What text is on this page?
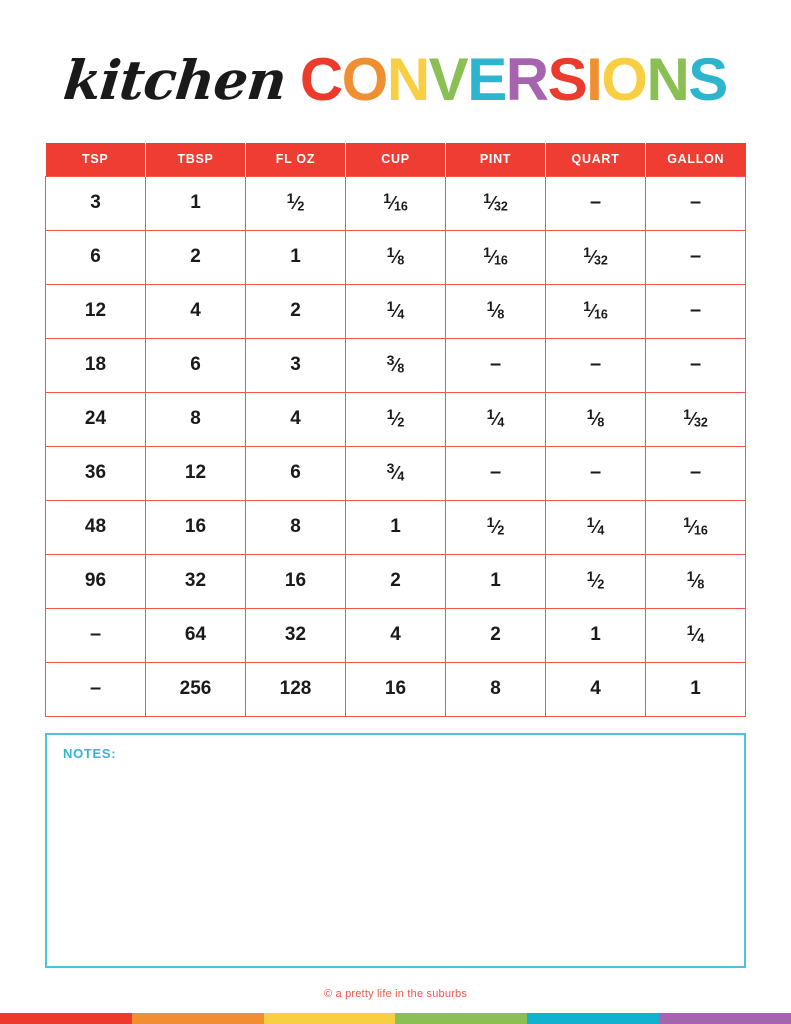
kitchen CONVERSIONS
TSP	TBSP	FL OZ	CUP	PINT	QUART	GALLON
3	1	1⁄2	1⁄16	1⁄32	–	–
6	2	1	1⁄8	1⁄16	1⁄32	–
12	4	2	1⁄4	1⁄8	1⁄16	–
18	6	3	3⁄8	–	–	–
24	8	4	1⁄2	1⁄4	1⁄8	1⁄32
36	12	6	3⁄4	–	–	–
48	16	8	1	1⁄2	1⁄4	1⁄16
96	32	16	2	1	1⁄2	1⁄8
–	64	32	4	2	1	1⁄4
–	256	128	16	8	4	1
NOTES:
© a pretty life in the suburbs
